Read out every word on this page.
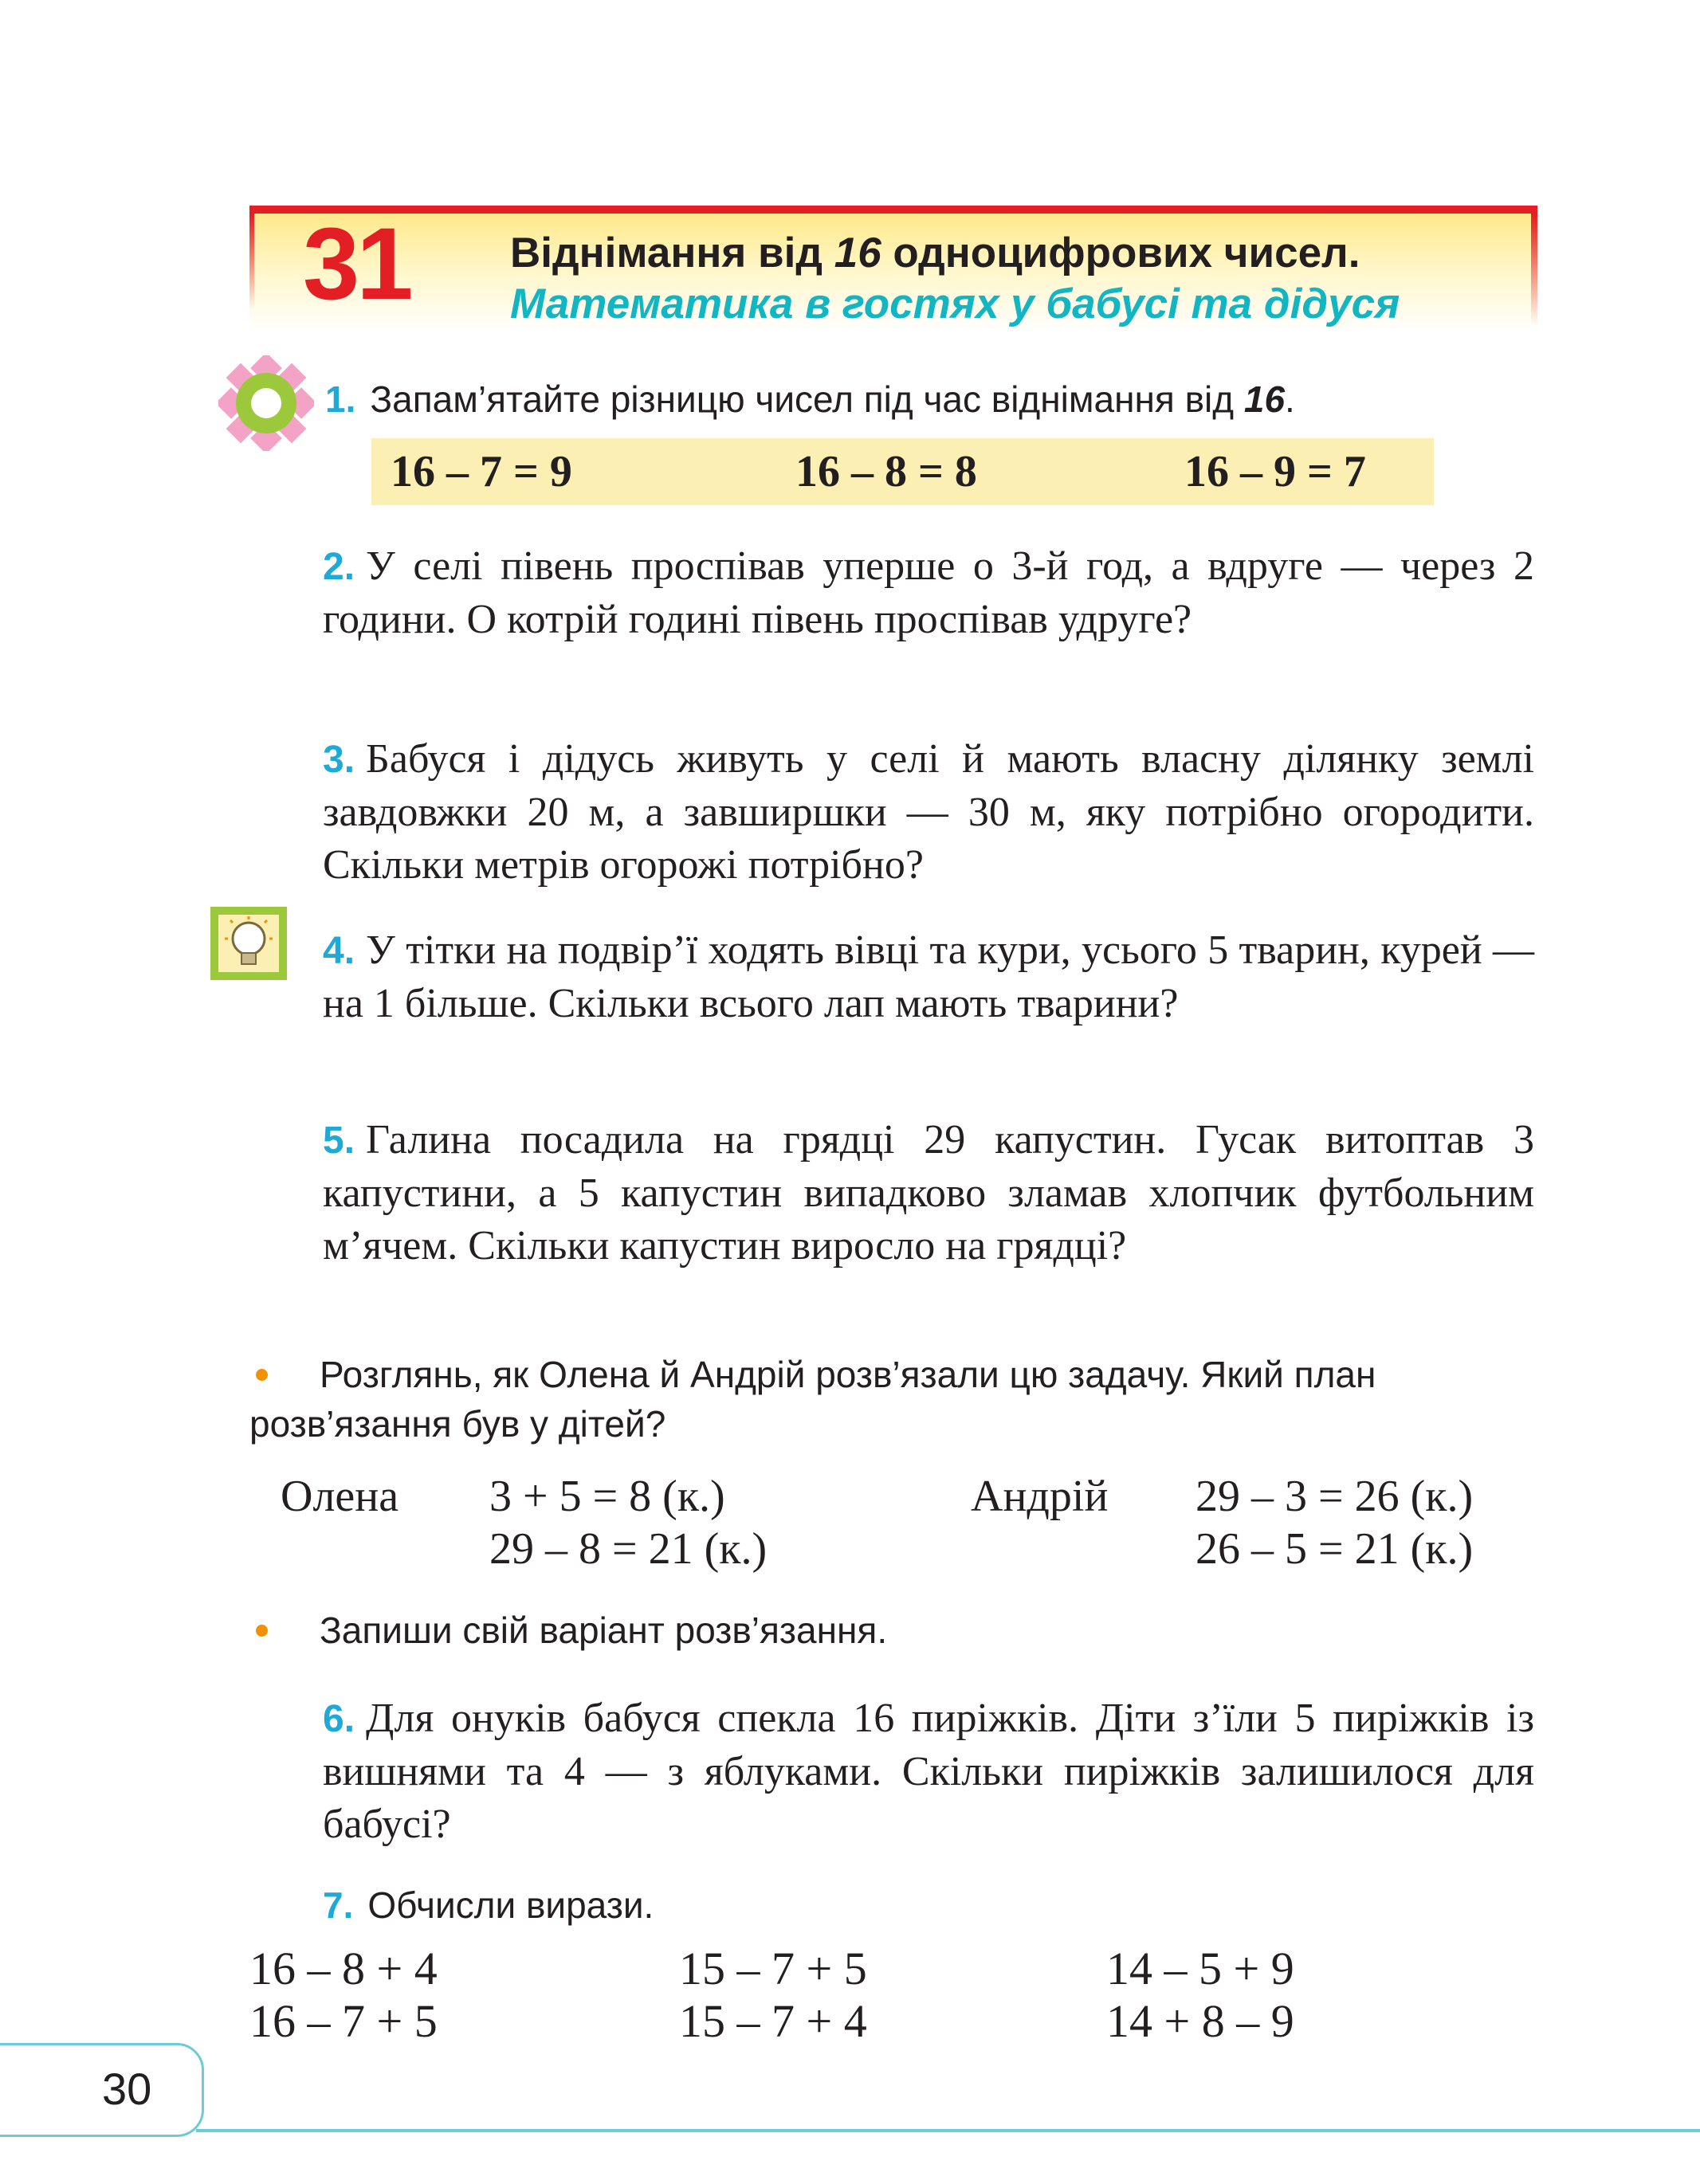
31 Віднімання від 16 одноцифрових чисел.
Математика в гостях у бабусі та дідуся
1. Запам’ятайте різницю чисел під час віднімання від 16.
16 – 7 = 9	16 – 8 = 8	16 – 9 = 7
2. У селі півень проспівав уперше о 3-й год, а вдруге — через 2 години. О котрій годині півень проспівав удруге?
3. Бабуся і дідусь живуть у селі й мають власну ділянку землі завдовжки 20 м, а завширшки — 30 м, яку потрібно огородити. Скільки метрів огорожі потрібно?
4. У тітки на подвір’ї ходять вівці та кури, усього 5 тварин, курей — на 1 більше. Скільки всього лап мають тварини?
5. Галина посадила на грядці 29 капустин. Гусак витоптав 3 капустини, а 5 капустин випадково зламав хлопчик футбольним м’ячем. Скільки капустин виросло на грядці?
Розглянь, як Олена й Андрій розв’язали цю задачу. Який план розв’язання був у дітей?
Олена 3 + 5 = 8 (к.)
29 – 8 = 21 (к.)
Андрій 29 – 3 = 26 (к.)
26 – 5 = 21 (к.)
Запиши свій варіант розв’язання.
6. Для онуків бабуся спекла 16 пиріжків. Діти з’їли 5 пиріжків із вишнями та 4 — з яблуками. Скільки пиріжків залишилося для бабусі?
7. Обчисли вирази.
16 – 8 + 4
16 – 7 + 5
15 – 7 + 5
15 – 7 + 4
14 – 5 + 9
14 + 8 – 9
30
